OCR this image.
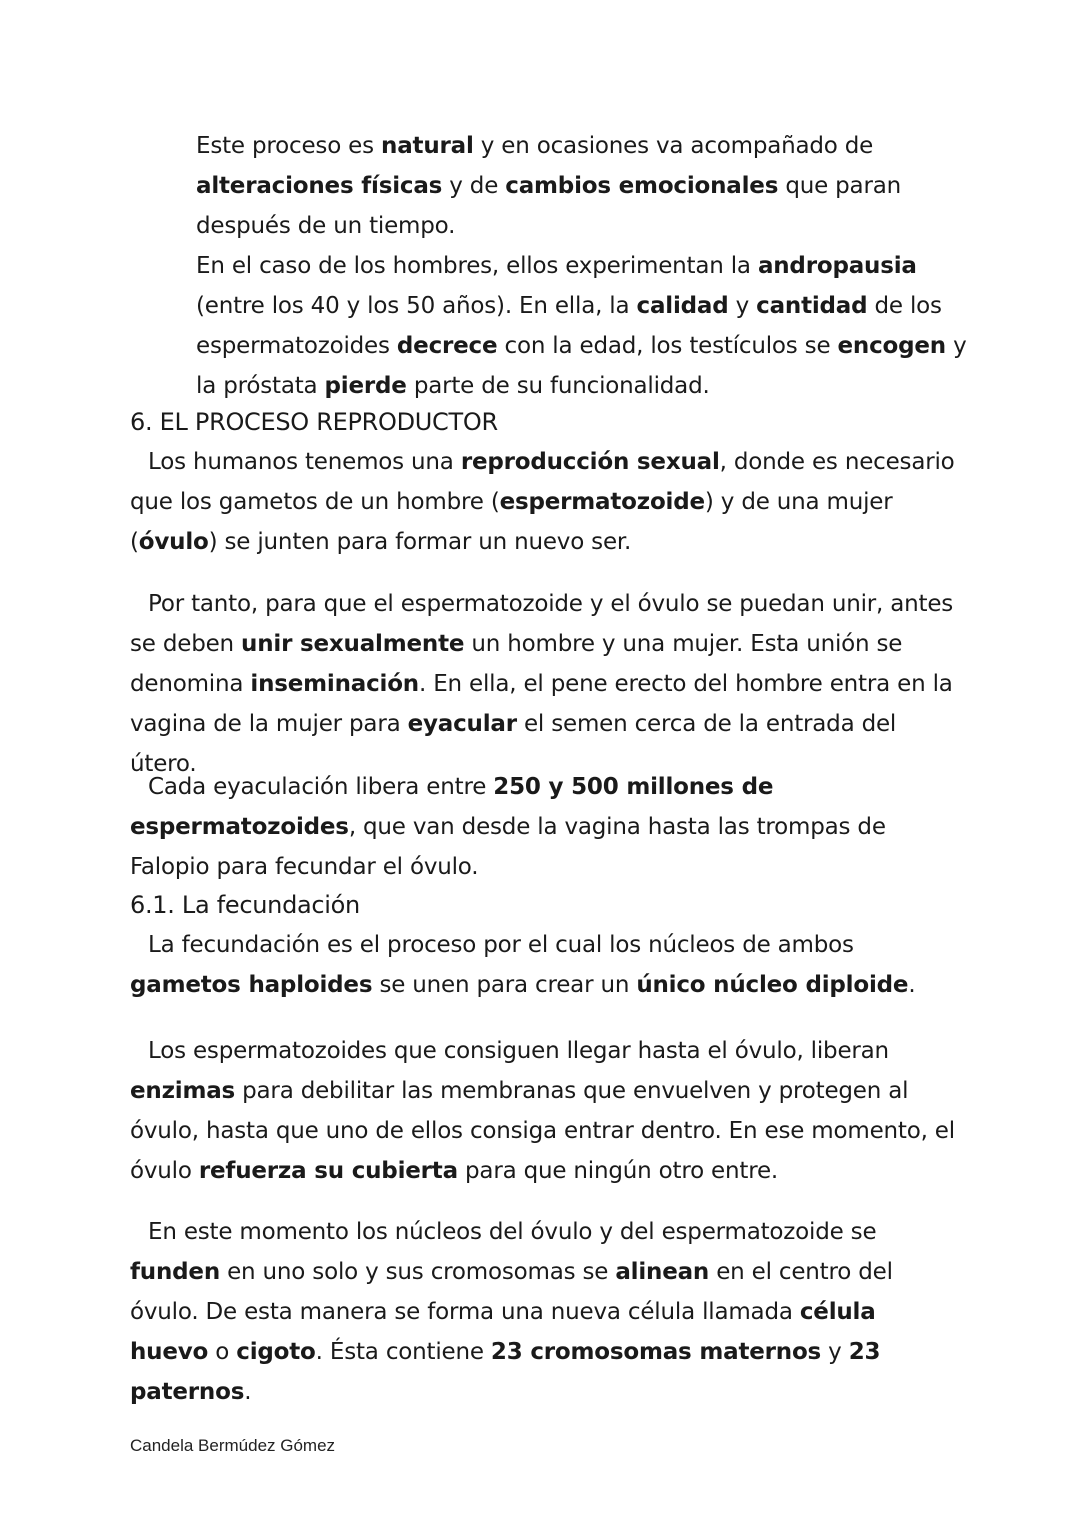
Este proceso es natural y en ocasiones va acompañado de alteraciones físicas y de cambios emocionales que paran después de un tiempo.
En el caso de los hombres, ellos experimentan la andropausia (entre los 40 y los 50 años). En ella, la calidad y cantidad de los espermatozoides decrece con la edad, los testículos se encogen y la próstata pierde parte de su funcionalidad.

6. EL PROCESO REPRODUCTOR

Los humanos tenemos una reproducción sexual, donde es necesario que los gametos de un hombre (espermatozoide) y de una mujer (óvulo) se junten para formar un nuevo ser.

Por tanto, para que el espermatozoide y el óvulo se puedan unir, antes se deben unir sexualmente un hombre y una mujer. Esta unión se denomina inseminación. En ella, el pene erecto del hombre entra en la vagina de la mujer para eyacular el semen cerca de la entrada del útero.

Cada eyaculación libera entre 250 y 500 millones de espermatozoides, que van desde la vagina hasta las trompas de Falopio para fecundar el óvulo.

6.1. La fecundación

La fecundación es el proceso por el cual los núcleos de ambos gametos haploides se unen para crear un único núcleo diploide.

Los espermatozoides que consiguen llegar hasta el óvulo, liberan enzimas para debilitar las membranas que envuelven y protegen al óvulo, hasta que uno de ellos consiga entrar dentro. En ese momento, el óvulo refuerza su cubierta para que ningún otro entre.

En este momento los núcleos del óvulo y del espermatozoide se funden en uno solo y sus cromosomas se alinean en el centro del óvulo. De esta manera se forma una nueva célula llamada célula huevo o cigoto. Ésta contiene 23 cromosomas maternos y 23 paternos.

Candela Bermúdez Gómez
